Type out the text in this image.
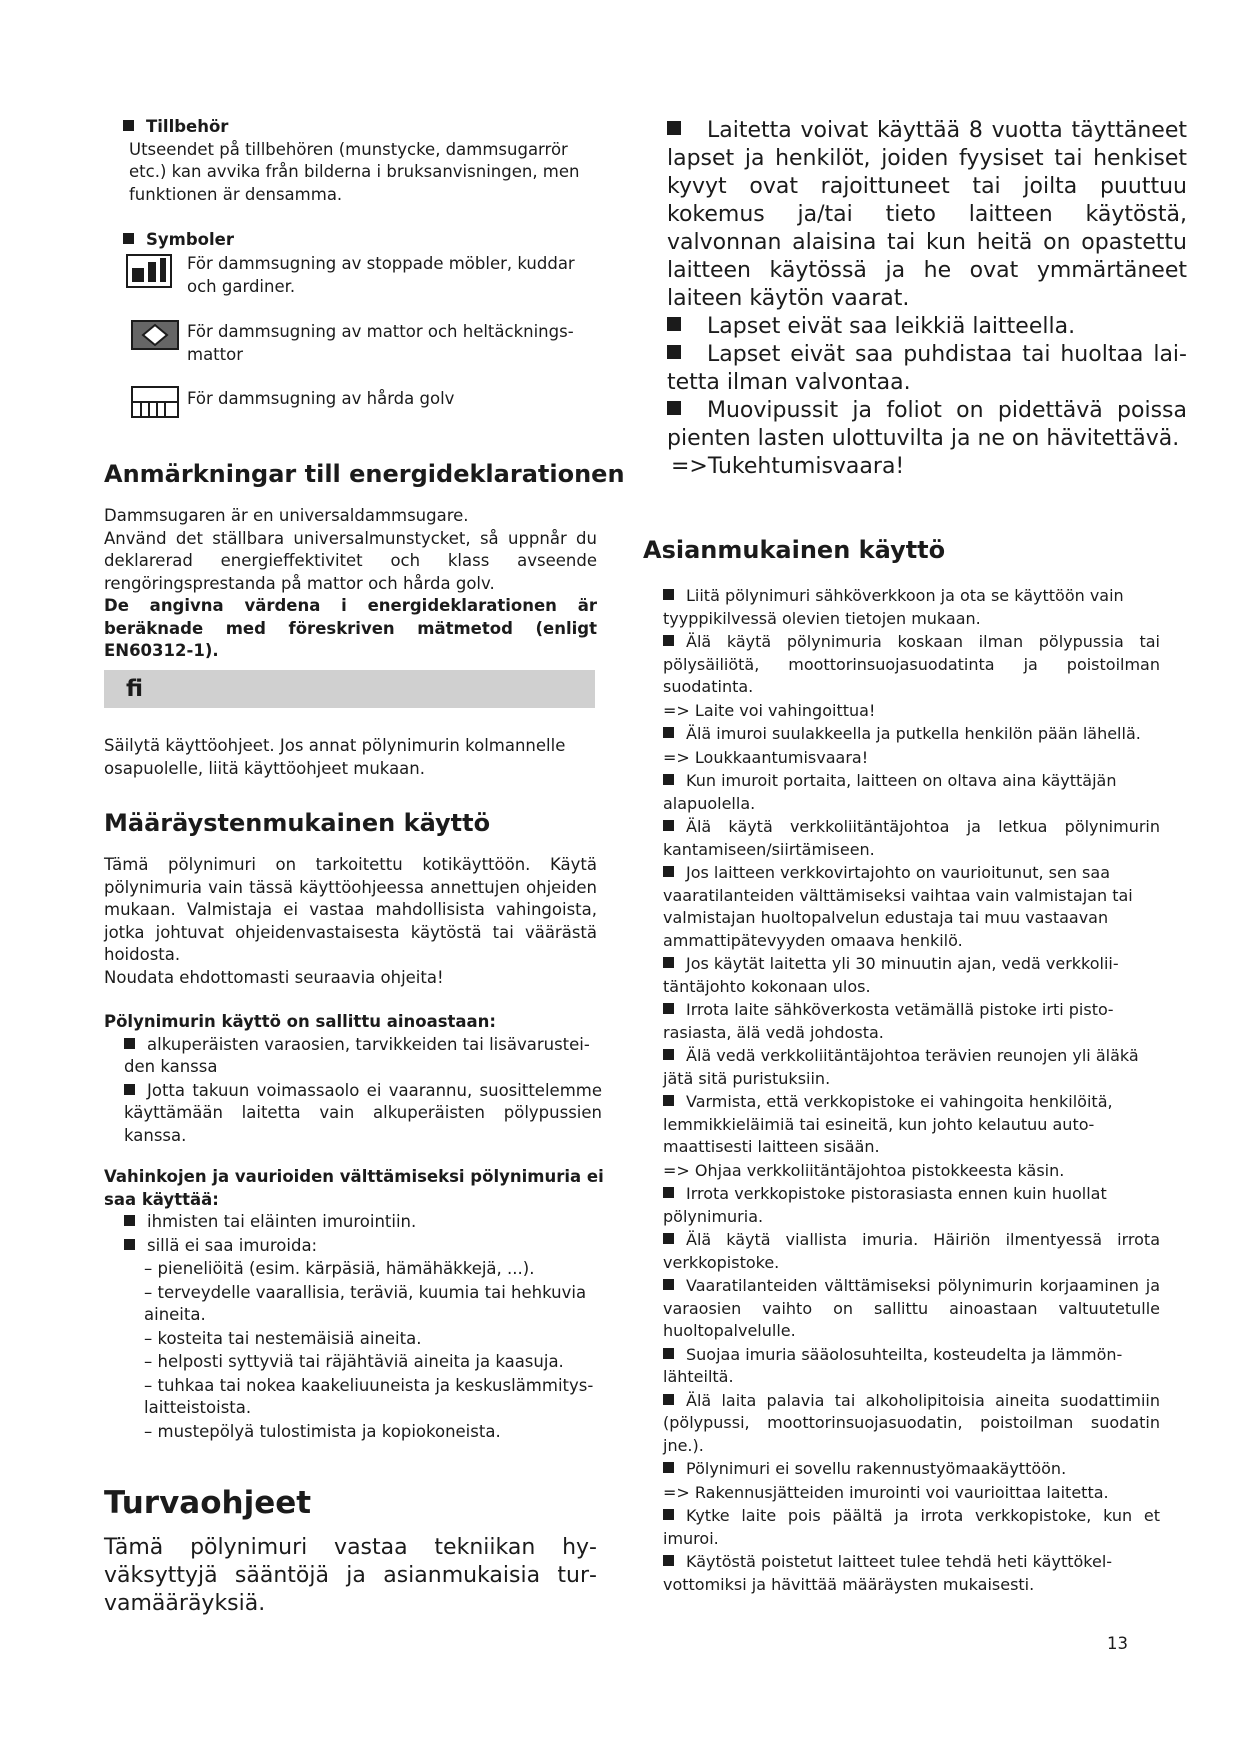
Tillbehör
Utseendet på tillbehören (munstycke, dammsugarrör etc.) kan avvika från bilderna i bruksanvisningen, men funktionen är densamma.
Symboler
För dammsugning av stoppade möbler, kuddar och gardiner.
För dammsugning av mattor och heltäckningsmattor
För dammsugning av hårda golv
Anmärkningar till energideklarationen
Dammsugaren är en universaldammsugare.
Använd det ställbara universalmunstycket, så uppnår du deklarerad energieffektivitet och klass avseende rengöringsprestanda på mattor och hårda golv.
De angivna värdena i energideklarationen är beräknade med föreskriven mätmetod (enligt EN60312-1).
fi
Säilytä käyttöohjeet. Jos annat pölynimurin kolmannelle osapuolelle, liitä käyttöohjeet mukaan.
Määräystenmukainen käyttö
Tämä pölynimuri on tarkoitettu kotikäyttöön. Käytä pölynimuria vain tässä käyttöohjeessa annettujen ohjeiden mukaan. Valmistaja ei vastaa mahdollisista vahingoista, jotka johtuvat ohjeidenvastaisesta käytöstä tai väärästä hoidosta.
Noudata ehdottomasti seuraavia ohjeita!
Pölynimurin käyttö on sallittu ainoastaan:
alkuperäisten varaosien, tarvikkeiden tai lisävarusteiden kanssa
Jotta takuun voimassaolo ei vaarannu, suosittelemme käyttämään laitetta vain alkuperäisten pölypussien kanssa.
Vahinkojen ja vaurioiden välttämiseksi pölynimuria ei saa käyttää:
ihmisten tai eläinten imurointiin.
sillä ei saa imuroida:
– pieneliöitä (esim. kärpäsiä, hämähäkkejä, ...).
– terveydelle vaarallisia, teräviä, kuumia tai hehkuvia aineita.
– kosteita tai nestemäisiä aineita.
– helposti syttyviä tai räjähtäviä aineita ja kaasuja.
– tuhkaa tai nokea kaakeliuuneista ja keskuslämmityslaitteistoista.
– mustepölyä tulostimista ja kopiokoneista.
Turvaohjeet
Tämä pölynimuri vastaa tekniikan hyväksyttyjä sääntöjä ja asianmukaisia turvamääräyksiä.
Laitetta voivat käyttää 8 vuotta täyttäneet lapset ja henkilöt, joiden fyysiset tai henkiset kyvyt ovat rajoittuneet tai joilta puuttuu kokemus ja/tai tieto laitteen käytöstä, valvonnan alaisina tai kun heitä on opastettu laitteen käytössä ja he ovat ymmärtäneet laiteen käytön vaarat.
Lapset eivät saa leikkiä laitteella.
Lapset eivät saa puhdistaa tai huoltaa laitetta ilman valvontaa.
Muovipussit ja foliot on pidettävä poissa pienten lasten ulottuvilta ja ne on hävitettävä.
=>Tukehtumisvaara!
Asianmukainen käyttö
Liitä pölynimuri sähköverkkoon ja ota se käyttöön vain tyyppikilvessä olevien tietojen mukaan.
Älä käytä pölynimuria koskaan ilman pölypussia tai pölysäiliötä, moottorinsuojasuodatinta ja poistoilman suodatinta.
=> Laite voi vahingoittua!
Älä imuroi suulakkeella ja putkella henkilön pään lähellä.
=> Loukkaantumisvaara!
Kun imuroit portaita, laitteen on oltava aina käyttäjän alapuolella.
Älä käytä verkkoliitäntäjohtoa ja letkua pölynimurin kantamiseen/siirtämiseen.
Jos laitteen verkkovirtajohto on vaurioitunut, sen saa vaaratilanteiden välttämiseksi vaihtaa vain valmistajan tai valmistajan huoltopalvelun edustaja tai muu vastaavan ammattipätevyyden omaava henkilö.
Jos käytät laitetta yli 30 minuutin ajan, vedä verkkoliitäntäjohto kokonaan ulos.
Irrota laite sähköverkosta vetämällä pistoke irti pistorasiasta, älä vedä johdosta.
Älä vedä verkkoliitäntäjohtoa terävien reunojen yli äläkä jätä sitä puristuksiin.
Varmista, että verkkopistoke ei vahingoita henkilöitä, lemmikkieläimiä tai esineitä, kun johto kelautuu automaattisesti laitteen sisään.
=> Ohjaa verkkoliitäntäjohtoa pistokkeesta käsin.
Irrota verkkopistoke pistorasiasta ennen kuin huollat pölynimuria.
Älä käytä viallista imuria. Häiriön ilmentyessä irrota verkkopistoke.
Vaaratilanteiden välttämiseksi pölynimurin korjaaminen ja varaosien vaihto on sallittu ainoastaan valtuutetulle huoltopalvelulle.
Suojaa imuria sääolosuhteilta, kosteudelta ja lämmönlähteiltä.
Älä laita palavia tai alkoholipitoisia aineita suodattimiin (pölypussi, moottorinsuojasuodatin, poistoilman suodatin jne.).
Pölynimuri ei sovellu rakennustyömaakäyttöön.
=> Rakennusjätteiden imurointi voi vaurioittaa laitetta.
Kytke laite pois päältä ja irrota verkkopistoke, kun et imuroi.
Käytöstä poistetut laitteet tulee tehdä heti käyttökelvottomiksi ja hävittää määräysten mukaisesti.
13
